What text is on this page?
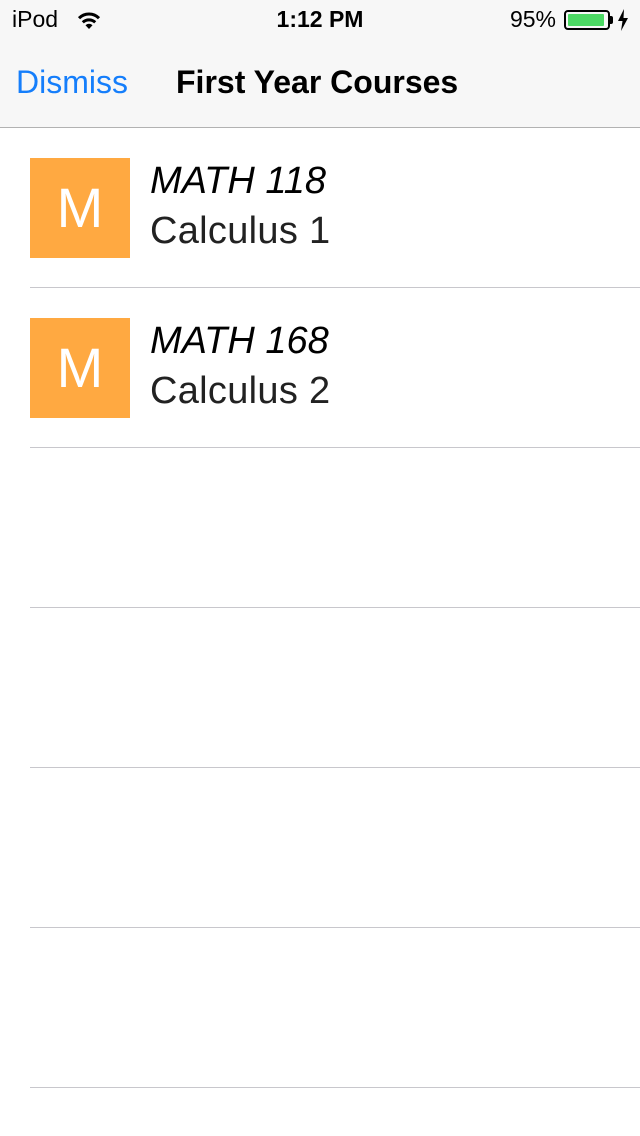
iPod	1:12 PM	95%
Dismiss First Year Courses
M	MATH 118
Calculus 1
M	MATH 168
Calculus 2
